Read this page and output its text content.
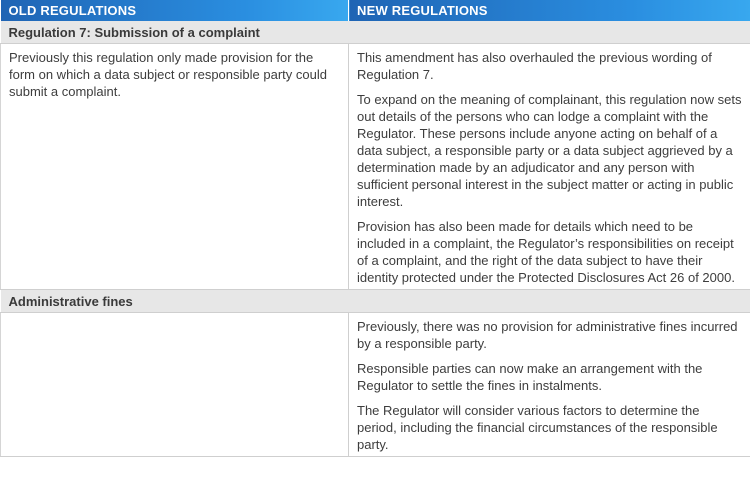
OLD REGULATIONS	NEW REGULATIONS
Regulation 7: Submission of a complaint	

Previously this regulation only made provision for the form on which a data subject or responsible party could submit a complaint.	This amendment has also overhauled the previous wording of Regulation 7.

To expand on the meaning of complainant, this regulation now sets out details of the persons who can lodge a complaint with the Regulator. These persons include anyone acting on behalf of a data subject, a responsible party or a data subject aggrieved by a determination made by an adjudicator and any person with sufficient personal interest in the subject matter or acting in public interest.

Provision has also been made for details which need to be included in a complaint, the Regulator’s responsibilities on receipt of a complaint, and the right of the data subject to have their identity protected under the Protected Disclosures Act 26 of 2000.

Administrative fines	

	Previously, there was no provision for administrative fines incurred by a responsible party.

Responsible parties can now make an arrangement with the Regulator to settle the fines in instalments.

The Regulator will consider various factors to determine the period, including the financial circumstances of the responsible party.
